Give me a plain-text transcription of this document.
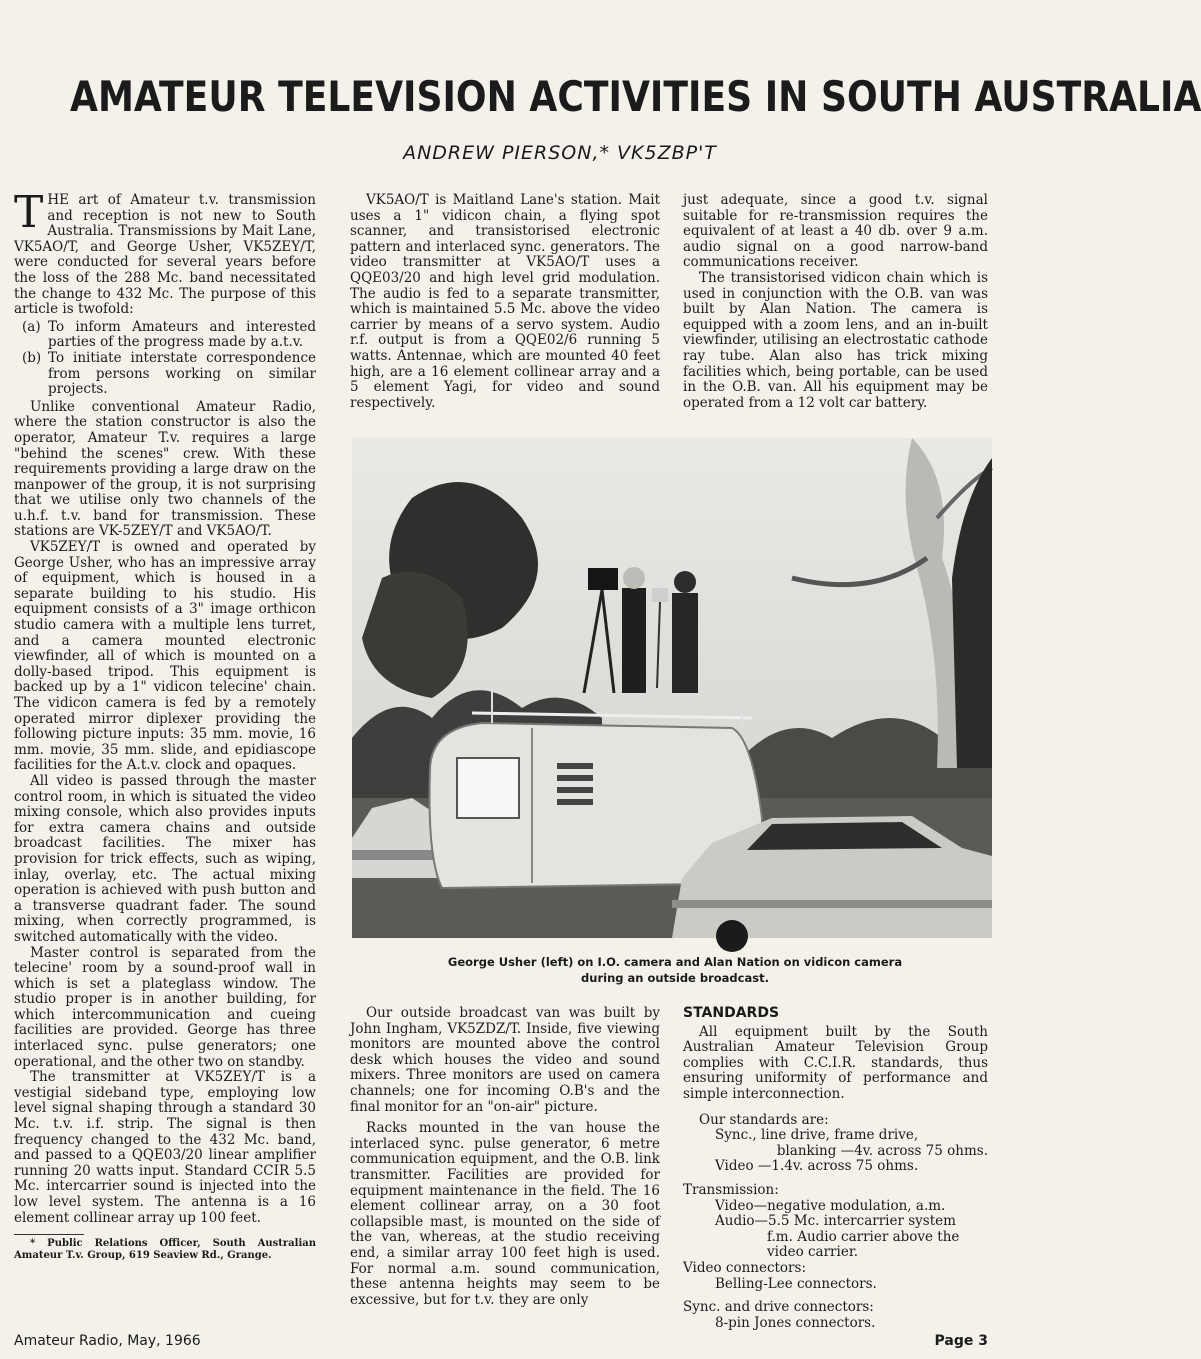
AMATEUR TELEVISION ACTIVITIES IN SOUTH AUSTRALIA
ANDREW PIERSON,* VK5ZBP'T

THE art of Amateur t.v. transmission and reception is not new to South Australia. Transmissions by Mait Lane, VK5AO/T, and George Usher, VK5ZEY/T, were conducted for several years before the loss of the 288 Mc. band necessitated the change to 432 Mc. The purpose of this article is twofold:

(a) To inform Amateurs and interested parties of the progress made by a.t.v.
(b) To initiate interstate correspondence from persons working on similar projects.

Unlike conventional Amateur Radio, where the station constructor is also the operator, Amateur T.v. requires a large "behind the scenes" crew. With these requirements providing a large draw on the manpower of the group, it is not surprising that we utilise only two channels of the u.h.f. t.v. band for transmission. These stations are VK-5ZEY/T and VK5AO/T.

VK5ZEY/T is owned and operated by George Usher, who has an impressive array of equipment, which is housed in a separate building to his studio. His equipment consists of a 3" image orthicon studio camera with a multiple lens turret, and a camera mounted electronic viewfinder, all of which is mounted on a dolly-based tripod. This equipment is backed up by a 1" vidicon telecine' chain. The vidicon camera is fed by a remotely operated mirror diplexer providing the following picture inputs: 35 mm. movie, 16 mm. movie, 35 mm. slide, and epidiascope facilities for the A.t.v. clock and opaques.

All video is passed through the master control room, in which is situated the video mixing console, which also provides inputs for extra camera chains and outside broadcast facilities. The mixer has provision for trick effects, such as wiping, inlay, overlay, etc. The actual mixing operation is achieved with push button and a transverse quadrant fader. The sound mixing, when correctly programmed, is switched automatically with the video.

Master control is separated from the telecine' room by a sound-proof wall in which is set a plateglass window. The studio proper is in another building, for which intercommunication and cueing facilities are provided. George has three interlaced sync. pulse generators; one operational, and the other two on standby.

The transmitter at VK5ZEY/T is a vestigial sideband type, employing low level signal shaping through a standard 30 Mc. t.v. i.f. strip. The signal is then frequency changed to the 432 Mc. band, and passed to a QQE03/20 linear amplifier running 20 watts input. Standard CCIR 5.5 Mc. intercarrier sound is injected into the low level system. The antenna is a 16 element collinear array up 100 feet.

* Public Relations Officer, South Australian Amateur T.v. Group, 619 Seaview Rd., Grange.

VK5AO/T is Maitland Lane's station. Mait uses a 1" vidicon chain, a flying spot scanner, and transistorised electronic pattern and interlaced sync. generators. The video transmitter at VK5AO/T uses a QQE03/20 and high level grid modulation. The audio is fed to a separate transmitter, which is maintained 5.5 Mc. above the video carrier by means of a servo system. Audio r.f. output is from a QQE02/6 running 5 watts. Antennae, which are mounted 40 feet high, are a 16 element collinear array and a 5 element Yagi, for video and sound respectively.

just adequate, since a good t.v. signal suitable for re-transmission requires the equivalent of at least a 40 db. over 9 a.m. audio signal on a good narrow-band communications receiver.

The transistorised vidicon chain which is used in conjunction with the O.B. van was built by Alan Nation. The camera is equipped with a zoom lens, and an in-built viewfinder, utilising an electrostatic cathode ray tube. Alan also has trick mixing facilities which, being portable, can be used in the O.B. van. All his equipment may be operated from a 12 volt car battery.

George Usher (left) on I.O. camera and Alan Nation on vidicon camera
during an outside broadcast.

Our outside broadcast van was built by John Ingham, VK5ZDZ/T. Inside, five viewing monitors are mounted above the control desk which houses the video and sound mixers. Three monitors are used on camera channels; one for incoming O.B's and the final monitor for an "on-air" picture.

Racks mounted in the van house the interlaced sync. pulse generator, 6 metre communication equipment, and the O.B. link transmitter. Facilities are provided for equipment maintenance in the field. The 16 element collinear array, on a 30 foot collapsible mast, is mounted on the side of the van, whereas, at the studio receiving end, a similar array 100 feet high is used. For normal a.m. sound communication, these antenna heights may seem to be excessive, but for t.v. they are only

STANDARDS

All equipment built by the South Australian Amateur Television Group complies with C.C.I.R. standards, thus ensuring uniformity of performance and simple interconnection.

Our standards are:

Sync., line drive, frame drive,

blanking —4v. across 75 ohms.

Video —1.4v. across 75 ohms.

Transmission:

Video—negative modulation, a.m.

Audio—5.5 Mc. intercarrier system

f.m. Audio carrier above the

video carrier.

Video connectors:

Belling-Lee connectors.

Sync. and drive connectors:

8-pin Jones connectors.

Amateur Radio, May, 1966	Page 3
